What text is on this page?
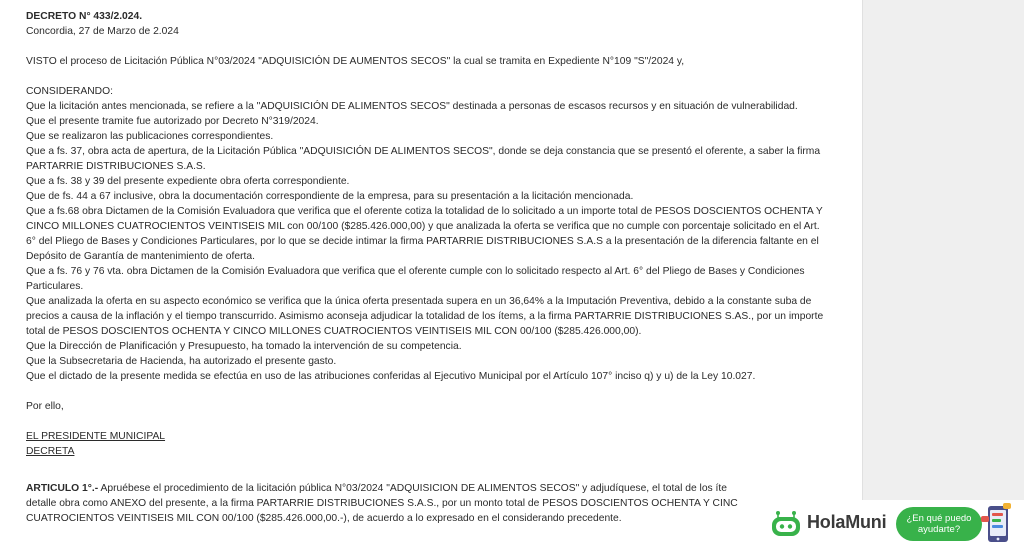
DECRETO N° 433/2.024.
Concordia, 27 de Marzo de 2.024
VISTO el proceso de Licitación Pública N°03/2024 "ADQUISICIÓN DE AUMENTOS SECOS" la cual se tramita en Expediente N°109 "S"/2024 y,
CONSIDERANDO:
Que la licitación antes mencionada, se refiere a la "ADQUISICIÓN DE ALIMENTOS SECOS" destinada a personas de escasos recursos y en situación de vulnerabilidad.
Que el presente tramite fue autorizado por Decreto N°319/2024.
Que se realizaron las publicaciones correspondientes.
Que a fs. 37, obra acta de apertura, de la Licitación Pública "ADQUISICIÓN DE ALIMENTOS SECOS", donde se deja constancia que se presentó el oferente, a saber la firma PARTARRIE DISTRIBUCIONES S.A.S.
Que a fs. 38 y 39 del presente expediente obra oferta correspondiente.
Que de fs. 44 a 67 inclusive, obra la documentación correspondiente de la empresa, para su presentación a la licitación mencionada.
Que a fs.68 obra Dictamen de la Comisión Evaluadora que verifica que el oferente cotiza la totalidad de lo solicitado a un importe total de PESOS DOSCIENTOS OCHENTA Y CINCO MILLONES CUATROCIENTOS VEINTISEIS MIL con 00/100 ($285.426.000,00) y que analizada la oferta se verifica que no cumple con porcentaje solicitado en el Art. 6° del Pliego de Bases y Condiciones Particulares, por lo que se decide intimar la firma PARTARRIE DISTRIBUCIONES S.A.S a la presentación de la diferencia faltante en el Depósito de Garantía de mantenimiento de oferta.
Que a fs. 76 y 76 vta. obra Dictamen de la Comisión Evaluadora que verifica que el oferente cumple con lo solicitado respecto al Art. 6° del Pliego de Bases y Condiciones Particulares.
Que analizada la oferta en su aspecto económico se verifica que la única oferta presentada supera en un 36,64% a la Imputación Preventiva, debido a la constante suba de precios a causa de la inflación y el tiempo transcurrido. Asimismo aconseja adjudicar la totalidad de los ítems, a la firma PARTARRIE DISTRIBUCIONES S.AS., por un importe total de PESOS DOSCIENTOS OCHENTA Y CINCO MILLONES CUATROCIENTOS VEINTISEIS MIL CON 00/100 ($285.426.000,00).
Que la Dirección de Planificación y Presupuesto, ha tomado la intervención de su competencia.
Que la Subsecretaria de Hacienda, ha autorizado el presente gasto.
Que el dictado de la presente medida se efectúa en uso de las atribuciones conferidas al Ejecutivo Municipal por el Artículo 107° inciso q) y u) de la Ley 10.027.
Por ello,
EL PRESIDENTE MUNICIPAL
DECRETA
ARTICULO 1°.- Apruébese el procedimiento de la licitación pública N°03/2024 "ADQUISICION DE ALIMENTOS SECOS" y adjudíquese, el total de los íte
detalle obra como ANEXO del presente, a la firma PARTARRIE DISTRIBUCIONES S.A.S., por un monto total de PESOS DOSCIENTOS OCHENTA Y CINC
CUATROCIENTOS VEINTISEIS MIL CON 00/100 ($285.426.000,00.-), de acuerdo a lo expresado en el considerando precedente.	HolaMuni	¿En qué puedo
ayudarte?
